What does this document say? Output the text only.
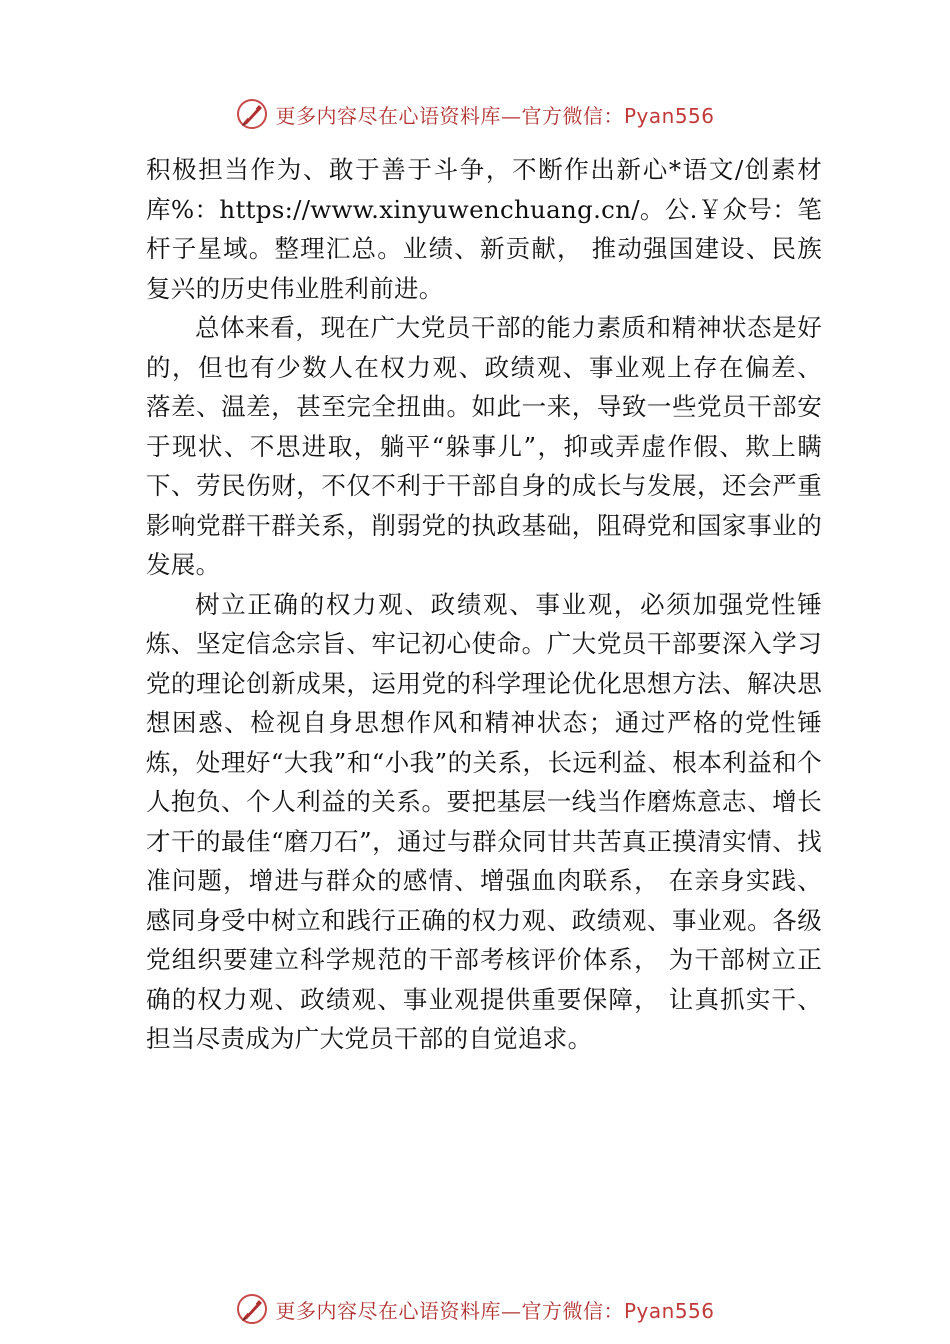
更多内容尽在心语资料库—官方微信：Pyan556

积极担当作为、敢于善于斗争，不断作出新心*语文/创素材库%：https://www.xinyuwenchuang.cn/。公.￥众号：笔杆子星域。整理汇总。业绩、新贡献， 推动强国建设、民族复兴的历史伟业胜利前进。

总体来看，现在广大党员干部的能力素质和精神状态是好的，但也有少数人在权力观、政绩观、事业观上存在偏差、 落差、温差，甚至完全扭曲。如此一来，导致一些党员干部安于现状、不思进取，躺平“躲事儿”，抑或弄虚作假、欺上瞒下、劳民伤财，不仅不利于干部自身的成长与发展，还会严重影响党群干群关系，削弱党的执政基础，阻碍党和国家事业的发展。

树立正确的权力观、政绩观、事业观，必须加强党性锤炼、坚定信念宗旨、牢记初心使命。广大党员干部要深入学习党的理论创新成果，运用党的科学理论优化思想方法、解决思想困惑、检视自身思想作风和精神状态；通过严格的党性锤炼，处理好“大我”和“小我”的关系，长远利益、根本利益和个人抱负、个人利益的关系。要把基层一线当作磨炼意志、增长才干的最佳“磨刀石”，通过与群众同甘共苦真正摸清实情、找准问题，增进与群众的感情、增强血肉联系， 在亲身实践、感同身受中树立和践行正确的权力观、政绩观、事业观。各级党组织要建立科学规范的干部考核评价体系， 为干部树立正确的权力观、政绩观、事业观提供重要保障， 让真抓实干、担当尽责成为广大党员干部的自觉追求。

更多内容尽在心语资料库—官方微信：Pyan556
